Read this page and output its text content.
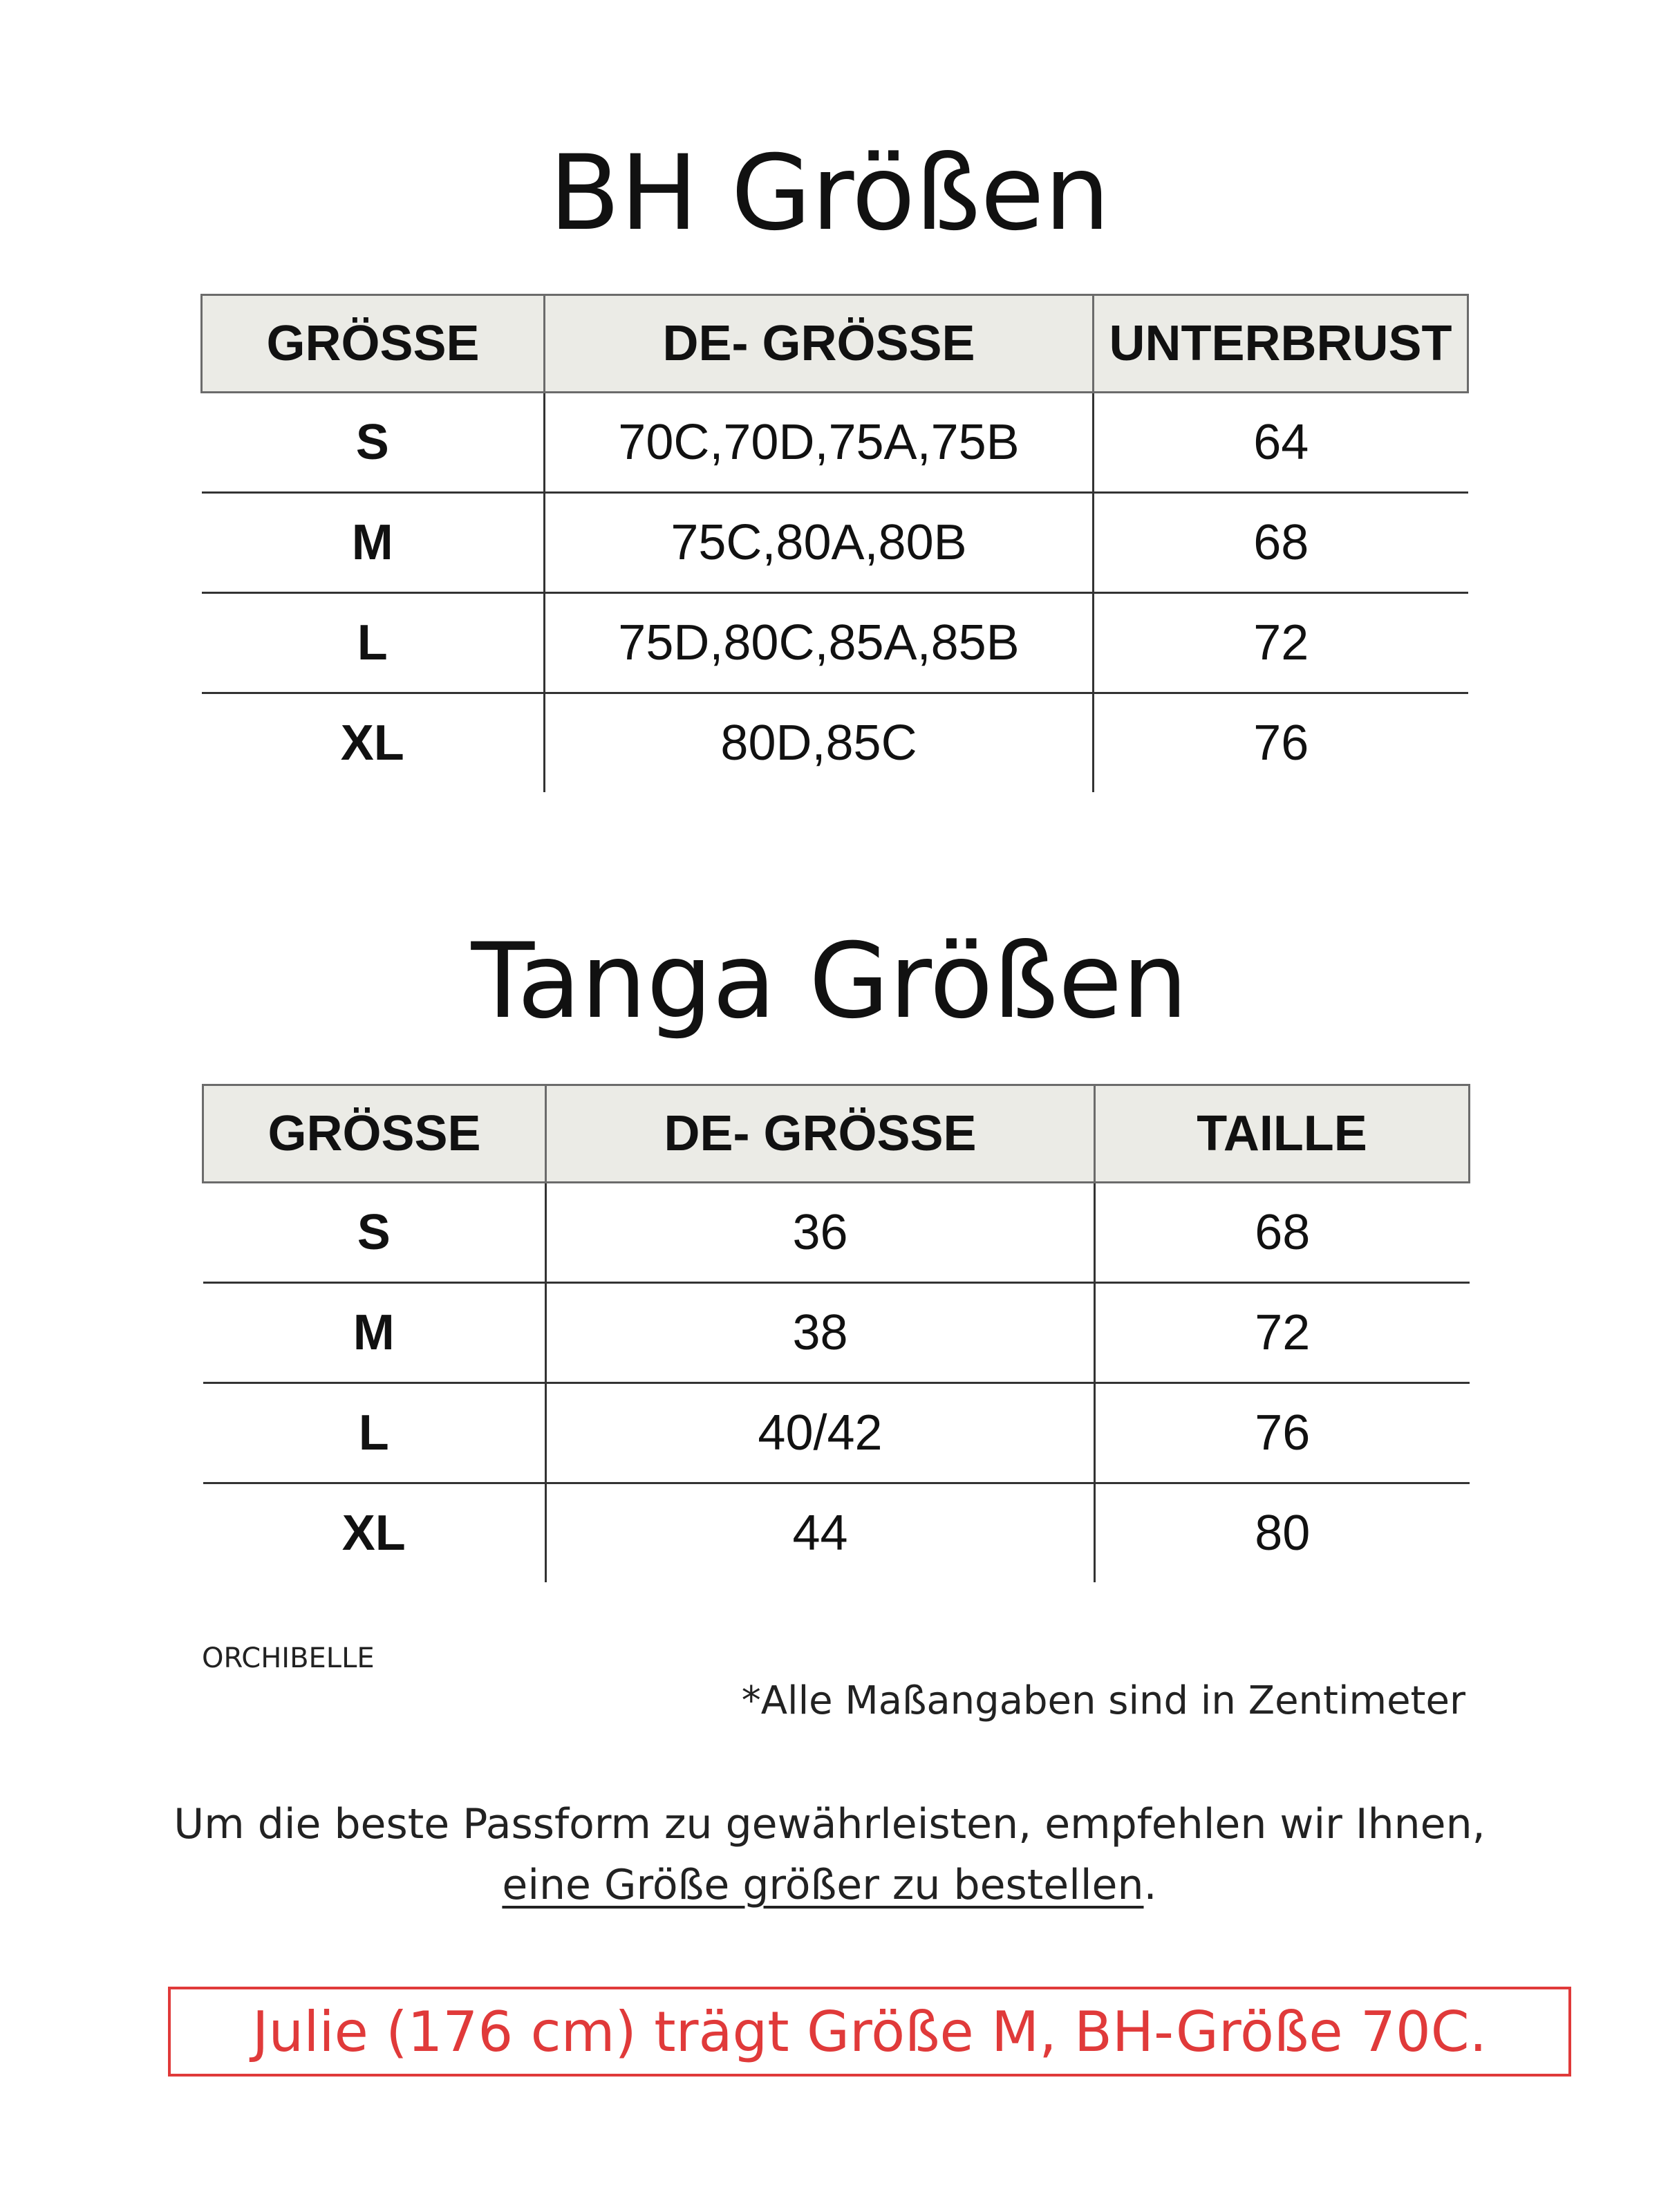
BH Größen
GRÖSSE	DE- GRÖSSE	UNTERBRUST
S	70C,70D,75A,75B	64
M	75C,80A,80B	68
L	75D,80C,85A,85B	72
XL	80D,85C	76
Tanga Größen
GRÖSSE	DE- GRÖSSE	TAILLE
S	36	68
M	38	72
L	40/42	76
XL	44	80
ORCHIBELLE
*Alle Maßangaben sind in Zentimeter
Um die beste Passform zu gewährleisten, empfehlen wir Ihnen,
eine Größe größer zu bestellen.
Julie (176 cm) trägt Größe M, BH-Größe 70C.
